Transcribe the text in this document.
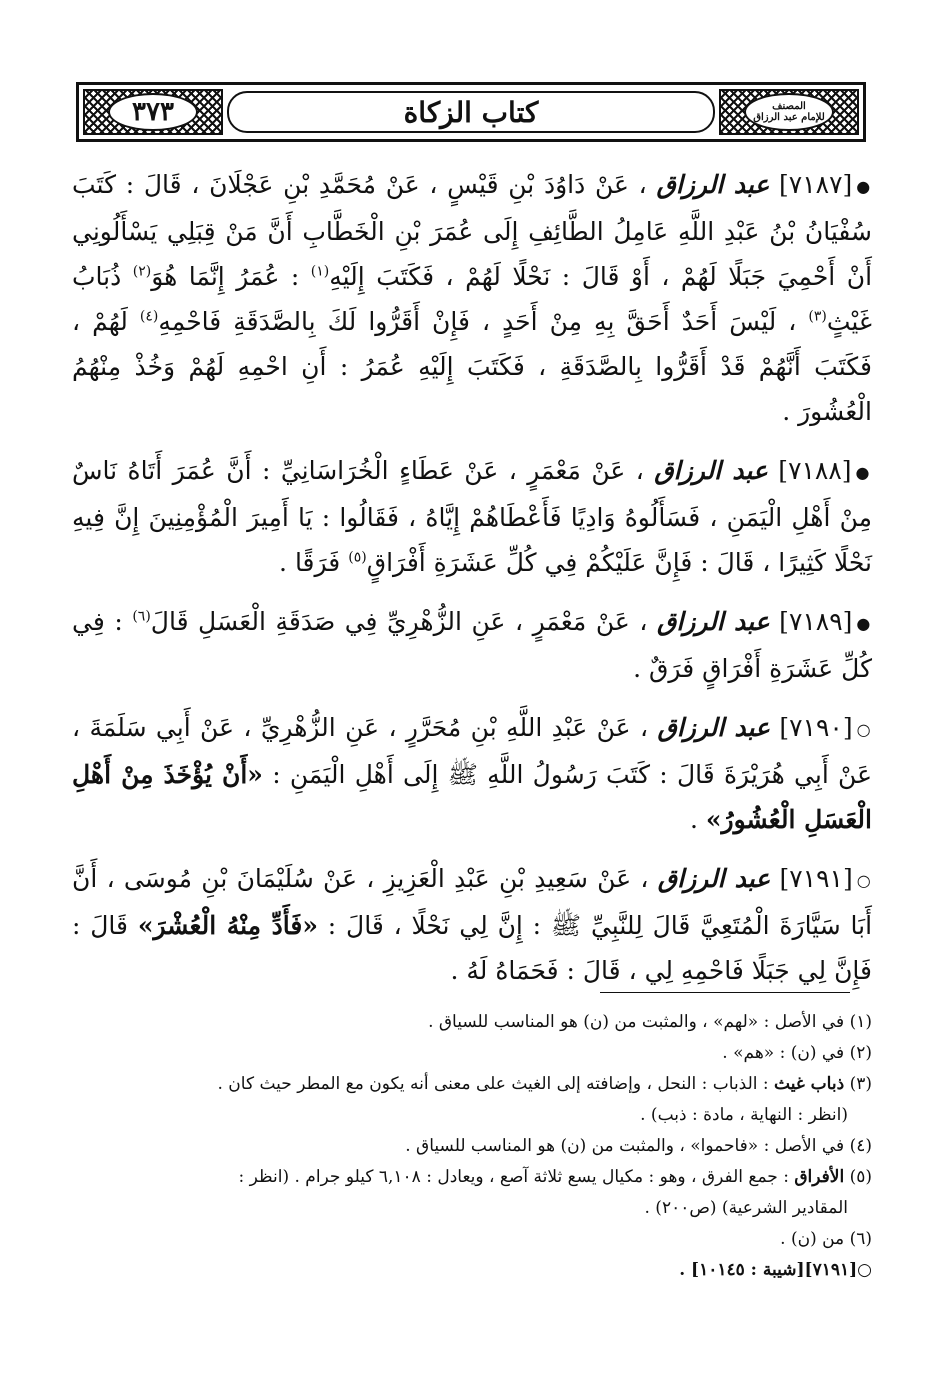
المصنف
للإمام عبد الرزاق
كتاب الزكاة
٣٧٣

●[٧١٨٧] عبد الرزاق ، عَنْ دَاوُدَ بْنِ قَيْسٍ ، عَنْ مُحَمَّدِ بْنِ عَجْلَانَ ، قَالَ : كَتَبَ سُفْيَانُ بْنُ عَبْدِ اللَّهِ عَامِلُ الطَّائِفِ إِلَى عُمَرَ بْنِ الْخَطَّابِ أَنَّ مَنْ قِبَلِي يَسْأَلُونِي أَنْ أَحْمِيَ جَبَلًا لَهُمْ ، أَوْ قَالَ : نَحْلًا لَهُمْ ، فَكَتَبَ إِلَيْهِ$^{(١)}$ : عُمَرُ إِنَّمَا هُوَ$^{(٢)}$ ذُبَابُ غَيْثٍ$^{(٣)}$ ، لَيْسَ أَحَدٌ أَحَقَّ بِهِ مِنْ أَحَدٍ ، فَإِنْ أَقَرُّوا لَكَ بِالصَّدَقَةِ فَاحْمِهِ$^{(٤)}$ لَهُمْ ، فَكَتَبَ أَنَّهُمْ قَدْ أَقَرُّوا بِالصَّدَقَةِ ، فَكَتَبَ إِلَيْهِ عُمَرُ : أَنِ احْمِهِ لَهُمْ وَخُذْ مِنْهُمُ الْعُشُورَ .

●[٧١٨٨] عبد الرزاق ، عَنْ مَعْمَرٍ ، عَنْ عَطَاءٍ الْخُرَاسَانِيِّ : أَنَّ عُمَرَ أَتَاهُ نَاسٌ مِنْ أَهْلِ الْيَمَنِ ، فَسَأَلُوهُ وَادِيًا فَأَعْطَاهُمْ إِيَّاهُ ، فَقَالُوا : يَا أَمِيرَ الْمُؤْمِنِينَ إِنَّ فِيهِ نَحْلًا كَثِيرًا ، قَالَ : فَإِنَّ عَلَيْكُمْ فِي كُلِّ عَشَرَةِ أَفْرَاقٍ$^{(٥)}$ فَرَقًا .

●[٧١٨٩] عبد الرزاق ، عَنْ مَعْمَرٍ ، عَنِ الزُّهْرِيِّ فِي صَدَقَةِ الْعَسَلِ قَالَ$^{(٦)}$ : فِي كُلِّ عَشَرَةِ أَفْرَاقٍ فَرَقٌ .

○[٧١٩٠] عبد الرزاق ، عَنْ عَبْدِ اللَّهِ بْنِ مُحَرَّرٍ ، عَنِ الزُّهْرِيِّ ، عَنْ أَبِي سَلَمَةَ ، عَنْ أَبِي هُرَيْرَةَ قَالَ : كَتَبَ رَسُولُ اللَّهِ ﷺ إِلَى أَهْلِ الْيَمَنِ : «أَنْ يُؤْخَذَ مِنْ أَهْلِ الْعَسَلِ الْعُشُورُ» .

○[٧١٩١] عبد الرزاق ، عَنْ سَعِيدِ بْنِ عَبْدِ الْعَزِيزِ ، عَنْ سُلَيْمَانَ بْنِ مُوسَى ، أَنَّ أَبَا سَيَّارَةَ الْمُتَعِيَّ قَالَ لِلنَّبِيِّ ﷺ : إِنَّ لِي نَحْلًا ، قَالَ : «فَأَدِّ مِنْهُ الْعُشْرَ» قَالَ : فَإِنَّ لِي جَبَلًا فَاحْمِهِ لِي ، قَالَ : فَحَمَاهُ لَهُ .

(١) في الأصل : «لهم» ، والمثبت من (ن) هو المناسب للسياق .

(٢) في (ن) : «هم» .

(٣) ذباب غيث : الذباب : النحل ، وإضافته إلى الغيث على معنى أنه يكون مع المطر حيث كان .

(انظر : النهاية ، مادة : ذبب) .

(٤) في الأصل : «فاحموا» ، والمثبت من (ن) هو المناسب للسياق .

(٥) الأفراق : جمع الفرق ، وهو : مكيال يسع ثلاثة آصع ، ويعادل : ٦,١٠٨ كيلو جرام . (انظر :

المقادير الشرعية) (ص٢٠٠) .

(٦) من (ن) .

○[٧١٩١][شيبة : ١٠١٤٥] .
